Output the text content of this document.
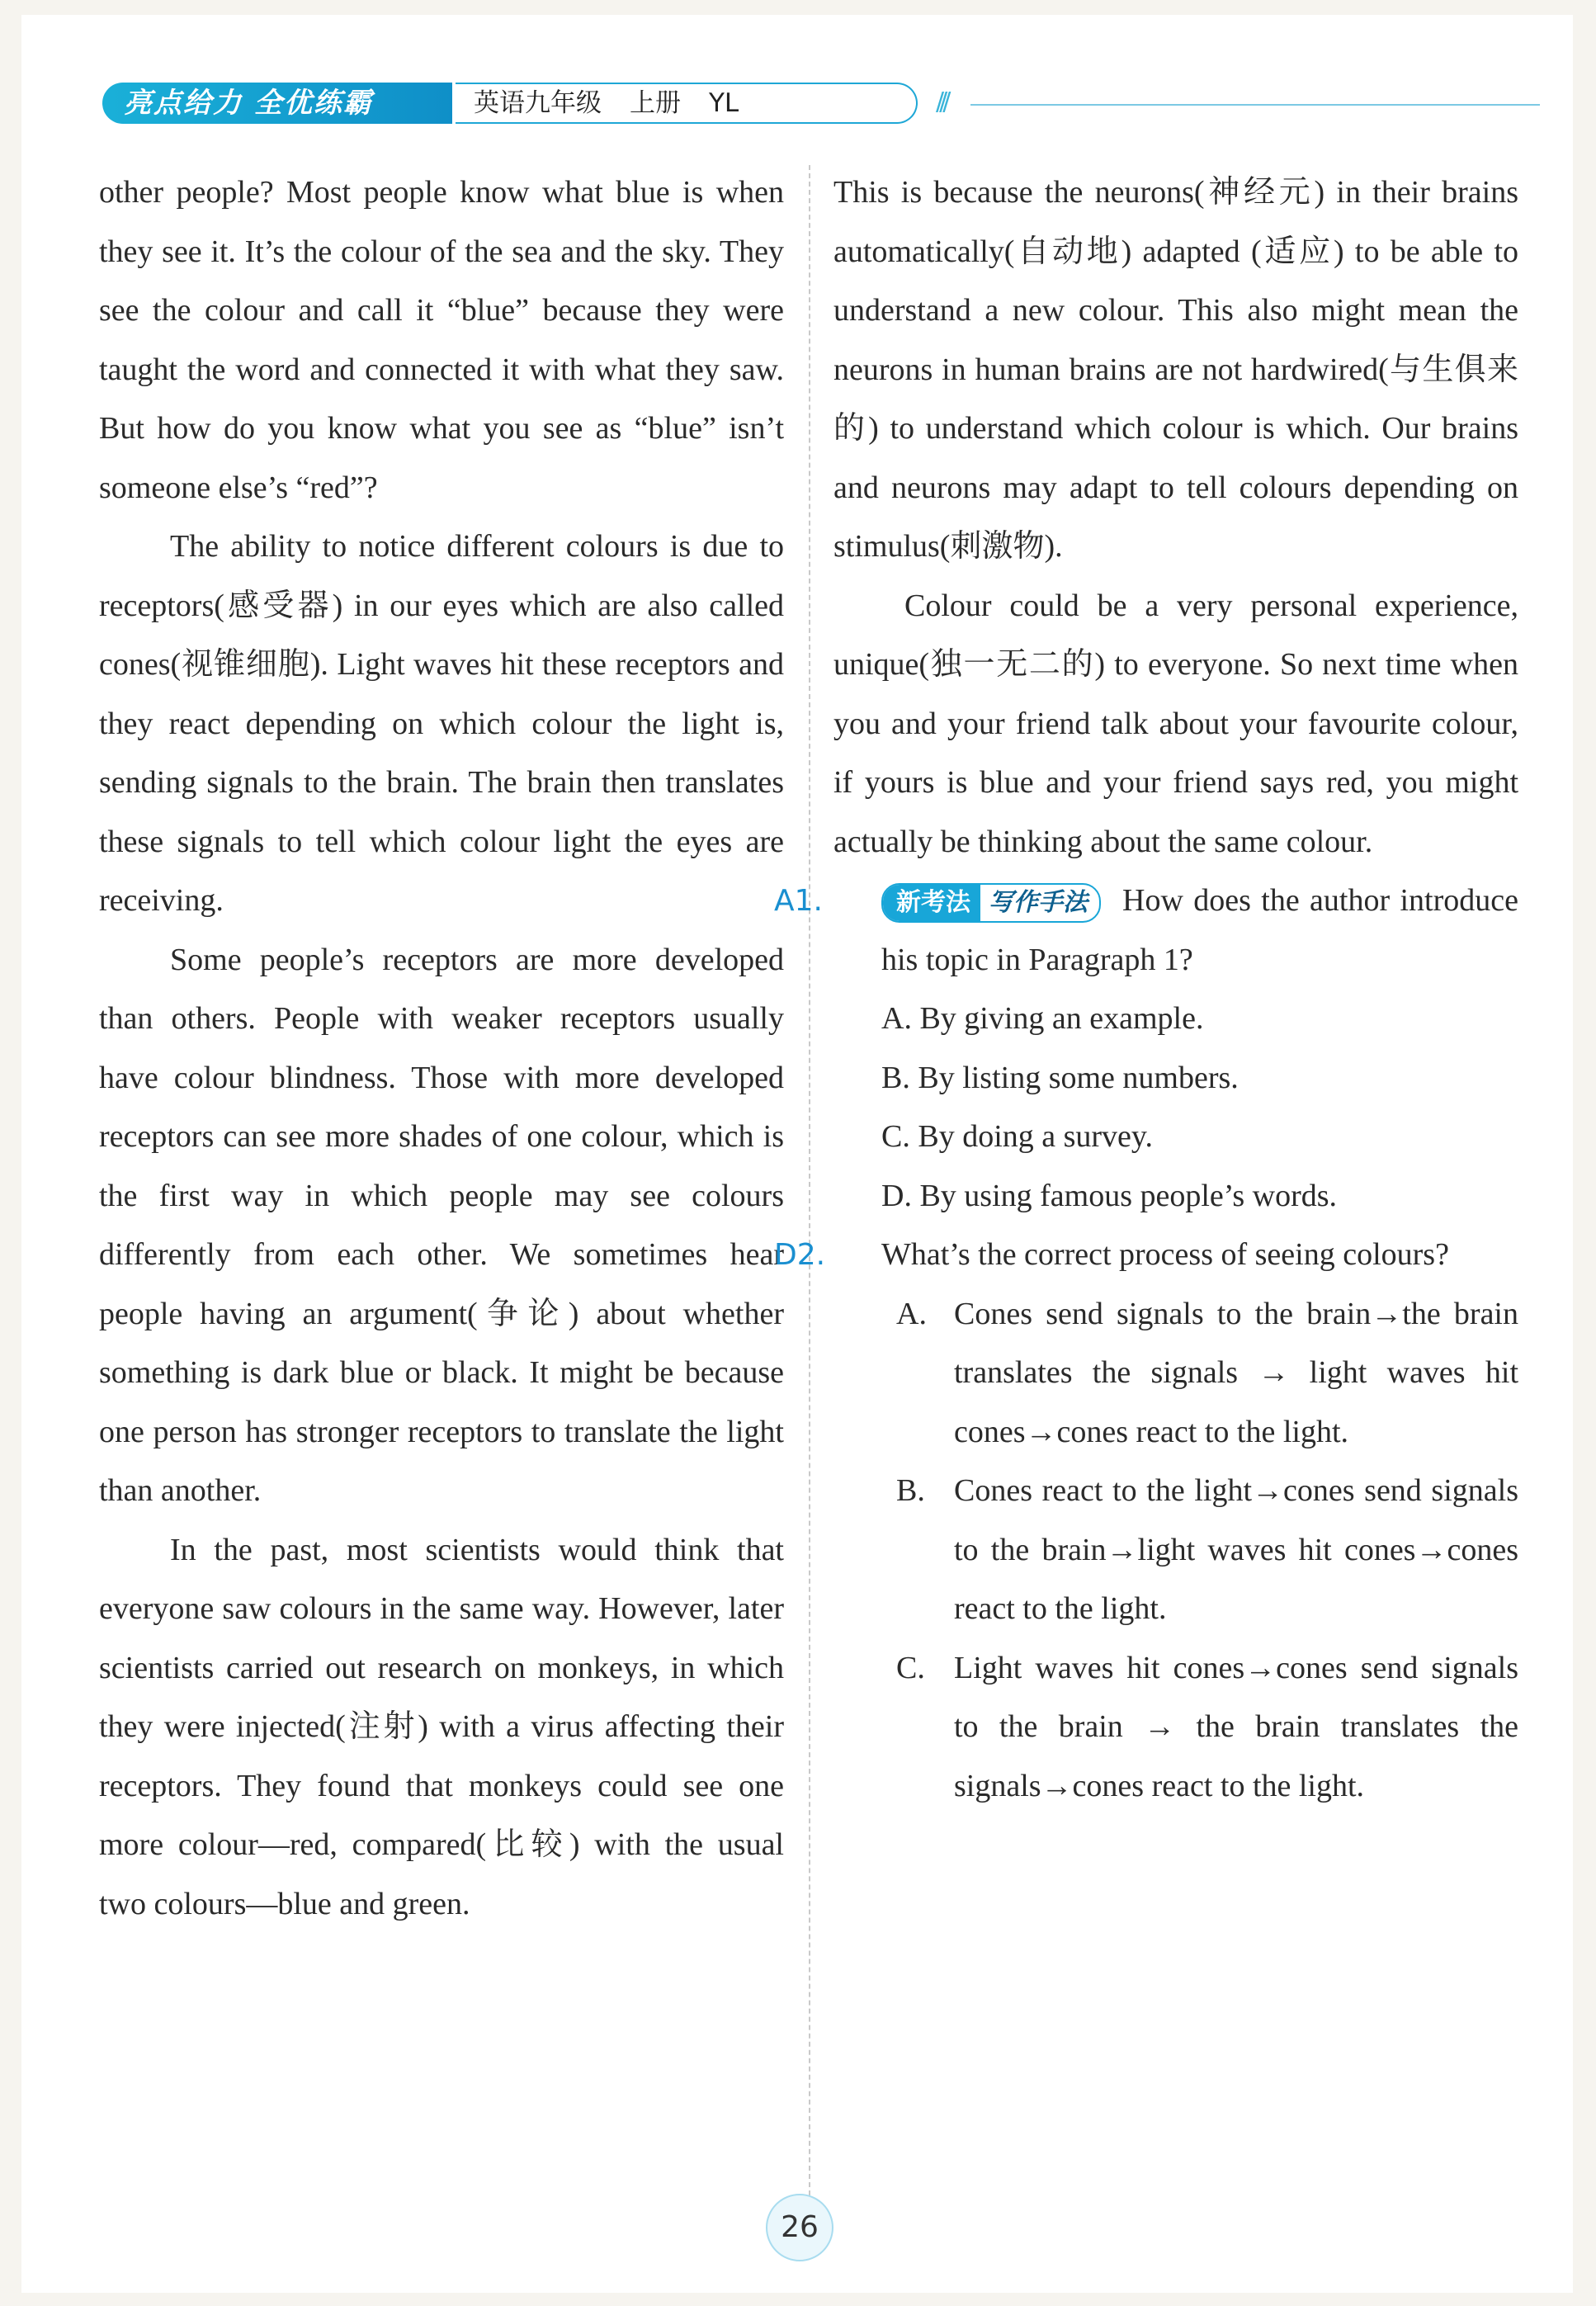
亮点给力 全优练霸	英语九年级 上册 YL	///

other people? Most people know what blue is when they see it. It’s the colour of the sea and the sky. They see the colour and call it “blue” because they were taught the word and connected it with what they saw. But how do you know what you see as “blue” isn’t someone else’s “red”?

The ability to notice different colours is due to receptors(感受器) in our eyes which are also called cones(视锥细胞). Light waves hit these receptors and they react depending on which colour the light is, sending signals to the brain. The brain then translates these signals to tell which colour light the eyes are receiving.

Some people’s receptors are more developed than others. People with weaker receptors usually have colour blindness. Those with more developed receptors can see more shades of one colour, which is the first way in which people may see colours differently from each other. We sometimes hear people having an argument(争论) about whether something is dark blue or black. It might be because one person has stronger receptors to translate the light than another.

In the past, most scientists would think that everyone saw colours in the same way. However, later scientists carried out research on monkeys, in which they were injected(注射) with a virus affecting their receptors. They found that monkeys could see one more colour—red, compared(比较) with the usual two colours—blue and green.

This is because the neurons(神经元) in their brains automatically(自动地) adapted (适应) to be able to understand a new colour. This also might mean the neurons in human brains are not hardwired(与生俱来的) to understand which colour is which. Our brains and neurons may adapt to tell colours depending on stimulus(刺激物).

Colour could be a very personal experience, unique(独一无二的) to everyone. So next time when you and your friend talk about your favourite colour, if yours is blue and your friend says red, you might actually be thinking about the same colour.

A1.	新考法 写作手法 How does the author introduce his topic in Paragraph 1?
A. By giving an example.
B. By listing some numbers.
C. By doing a survey.
D. By using famous people’s words.
D2.	What’s the correct process of seeing colours?
A. Cones send signals to the brain→the brain translates the signals → light waves hit cones→cones react to the light.
B. Cones react to the light→cones send signals to the brain→light waves hit cones→cones react to the light.
C. Light waves hit cones→cones send signals to the brain → the brain translates the signals→cones react to the light.
26
